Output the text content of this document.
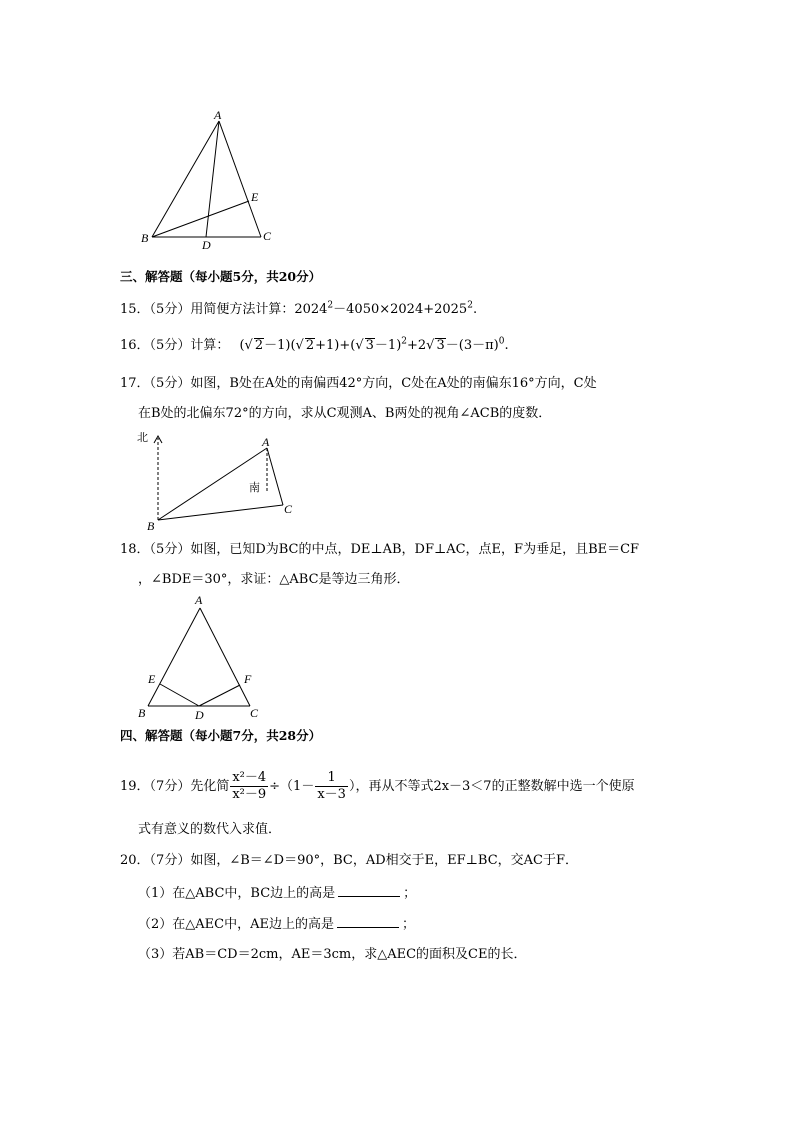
A
B	C
D
E
三、解答题（每小题5分，共20分）
15．（5分）用简便方法计算：$2024^2-4050\times 2024+2025^2$.
16．（5分）计算： (√ 2－1)(√ 2+1)+(√ 3－1)$^2$+2√ $3-(3-\pi)^0$.
17．（5分）如图，B处在A处的南偏西42°方向，C处在A处的南偏东16°方向，C处
在B处的北偏东72°的方向，求从C观测A、B两处的视角∠ACB的度数．
北
南
A
B
C
18．（5分）如图，已知D为BC的中点，DE⊥AB，DF⊥AC，点E，F为垂足，且BE＝CF
，∠BDE＝30°，求证：△ABC是等边三角形．
A
B	C
D
E	F
四、解答题（每小题7分，共28分）
19．（7分）先化简 $\frac{\text{x²－4}}{\text{x²－9}} \div(1- \frac{1}{x-3}$ ），再从不等式2x－3＜7的正整数解中选一个使原
式有意义的数代入求值．
20．（7分）如图，∠B＝∠D＝90°，BC，AD相交于E，EF⊥BC，交AC于F．
（1）在△ABC中，BC边上的高是	；
（2）在△AEC中，AE边上的高是	；
（3）若AB＝CD＝2cm，AE＝3cm，求△AEC的面积及CE的长．
